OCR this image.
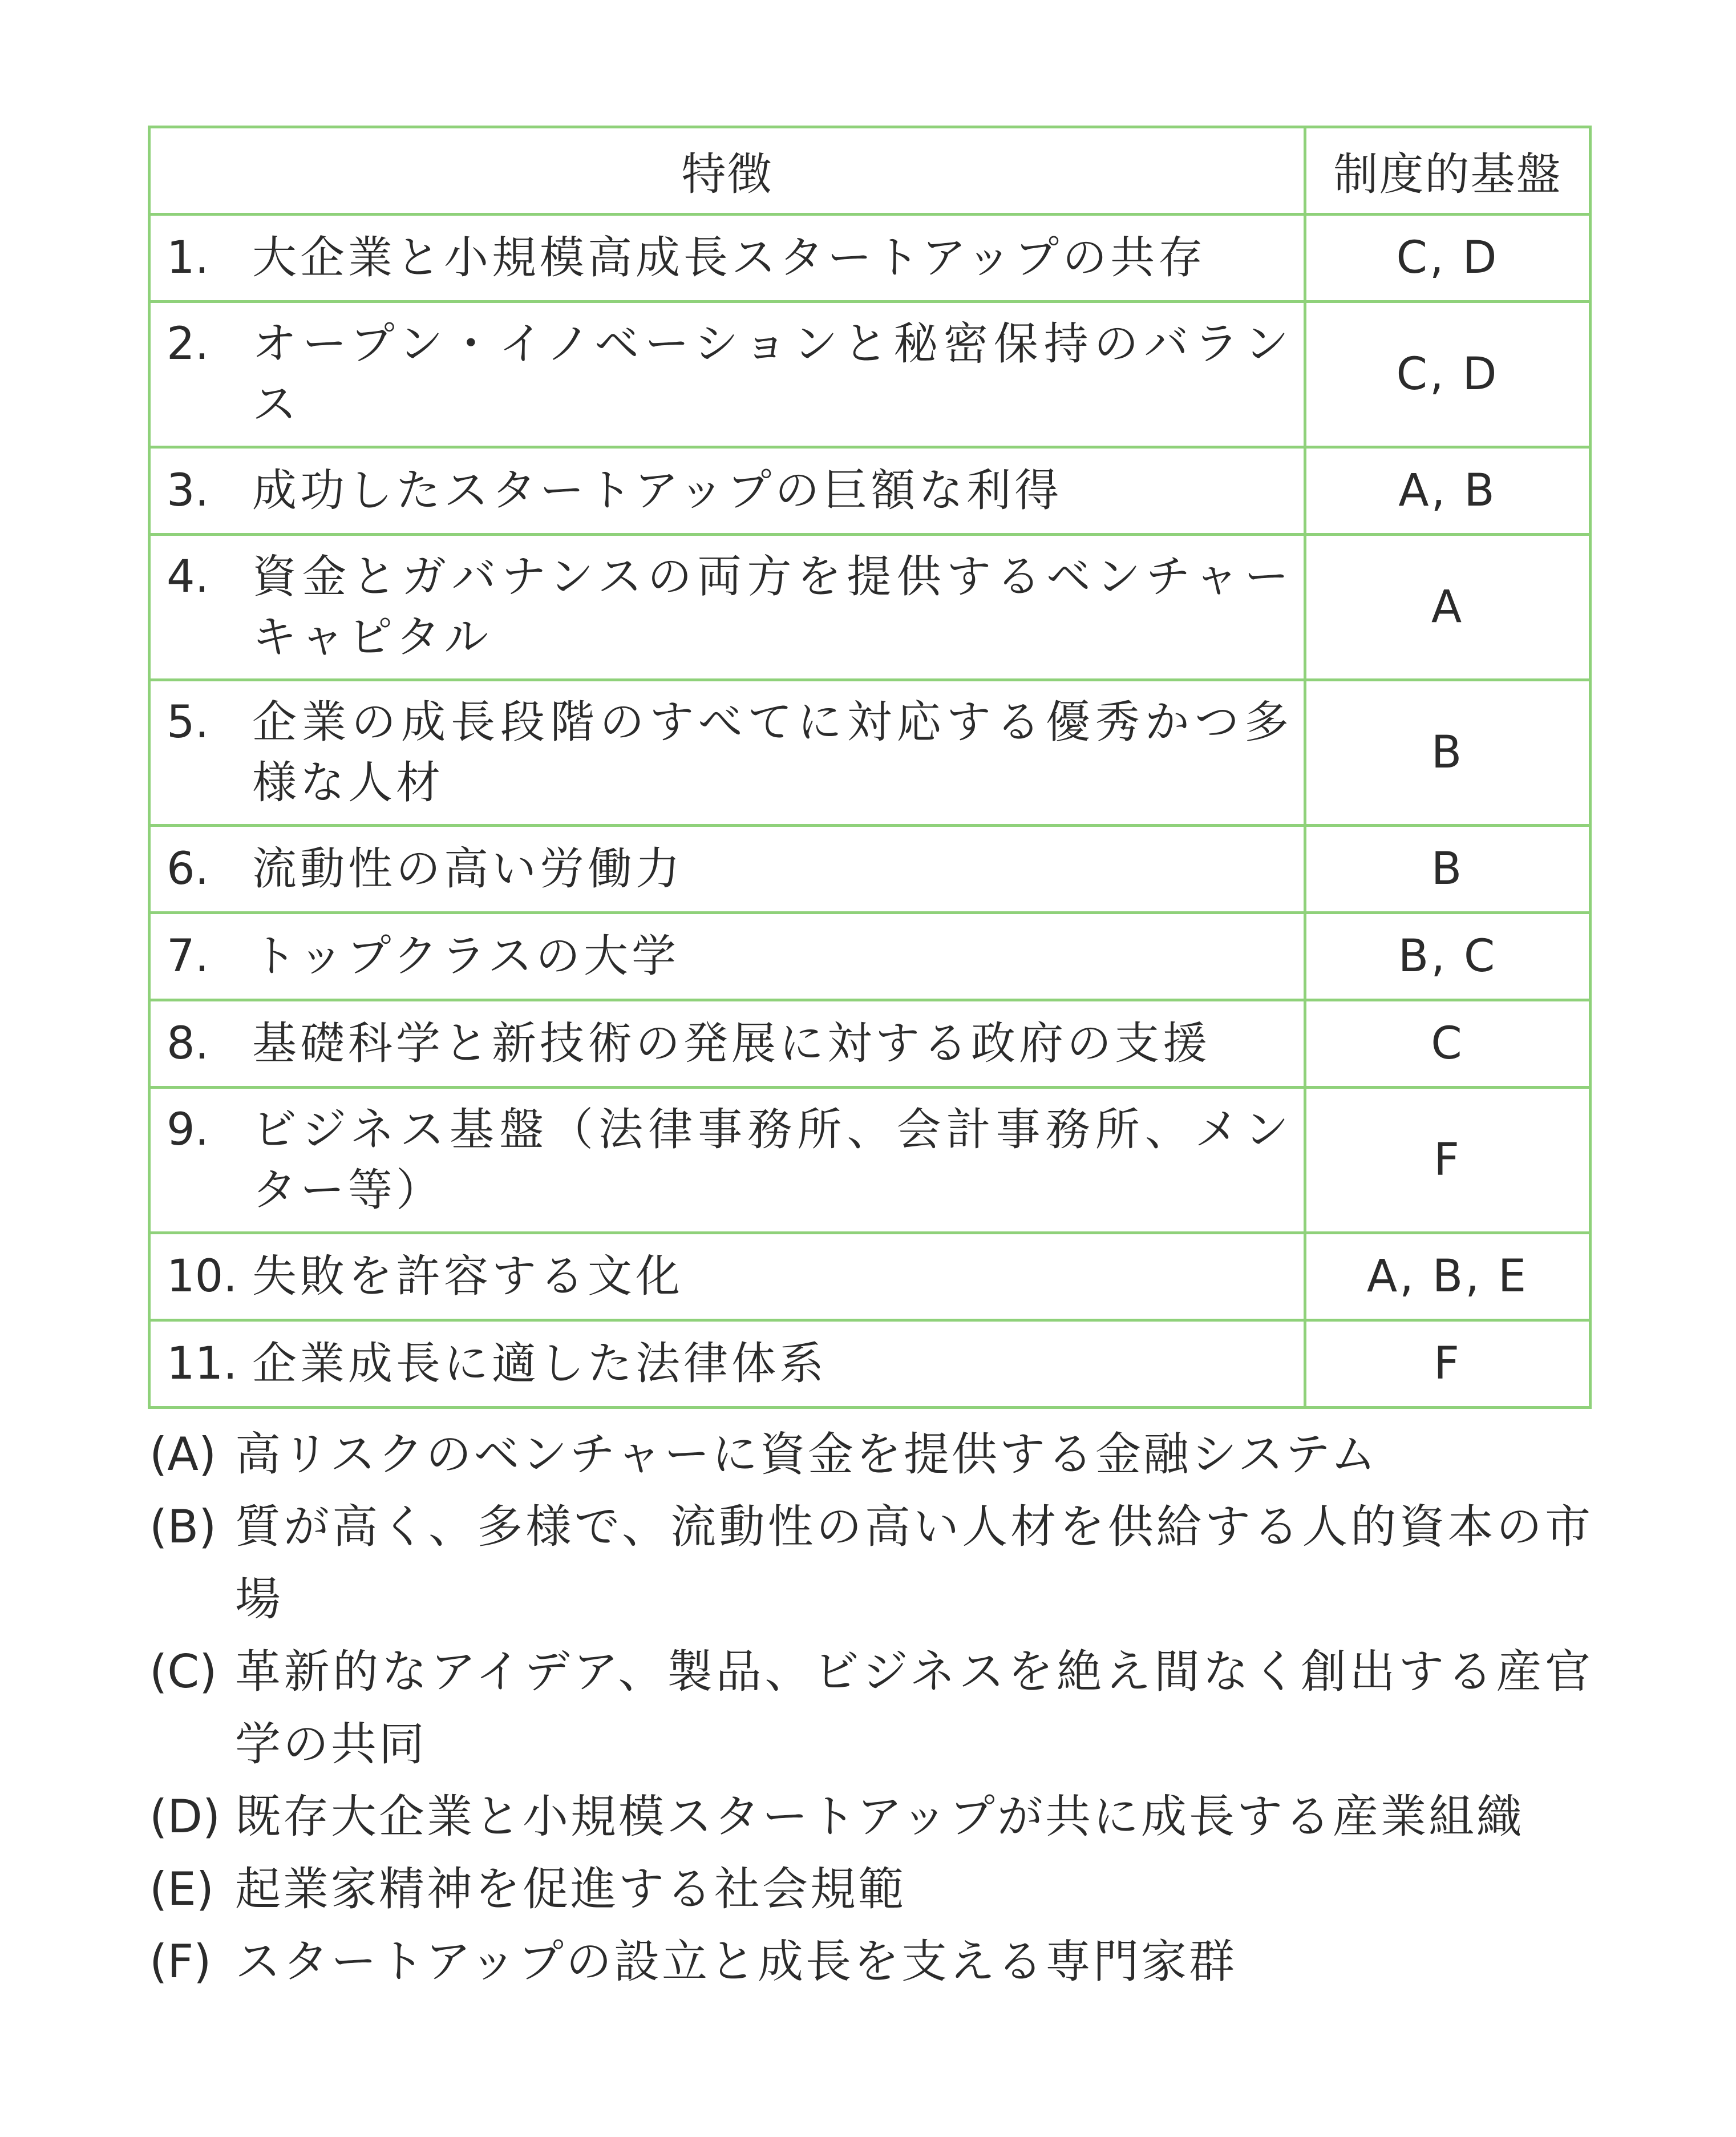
特徴	制度的基盤

1. 大企業と小規模高成長スタートアップの共存	C, D

2. オープン・イノベーションと秘密保持のバランス	C, D

3. 成功したスタートアップの巨額な利得	A, B

4. 資金とガバナンスの両方を提供するベンチャーキャピタル	A

5. 企業の成長段階のすべてに対応する優秀かつ多様な人材	B

6. 流動性の高い労働力	B

7. トップクラスの大学	B, C

8. 基礎科学と新技術の発展に対する政府の支援	C

9. ビジネス基盤（法律事務所、会計事務所、メンター等）	F

10. 失敗を許容する文化	A, B, E

11. 企業成長に適した法律体系	F
(A) 高リスクのベンチャーに資金を提供する金融システム
(B) 質が高く、多様で、流動性の高い人材を供給する人的資本の市場
(C) 革新的なアイデア、製品、ビジネスを絶え間なく創出する産官学の共同
(D) 既存大企業と小規模スタートアップが共に成長する産業組織
(E) 起業家精神を促進する社会規範
(F) スタートアップの設立と成長を支える専門家群
